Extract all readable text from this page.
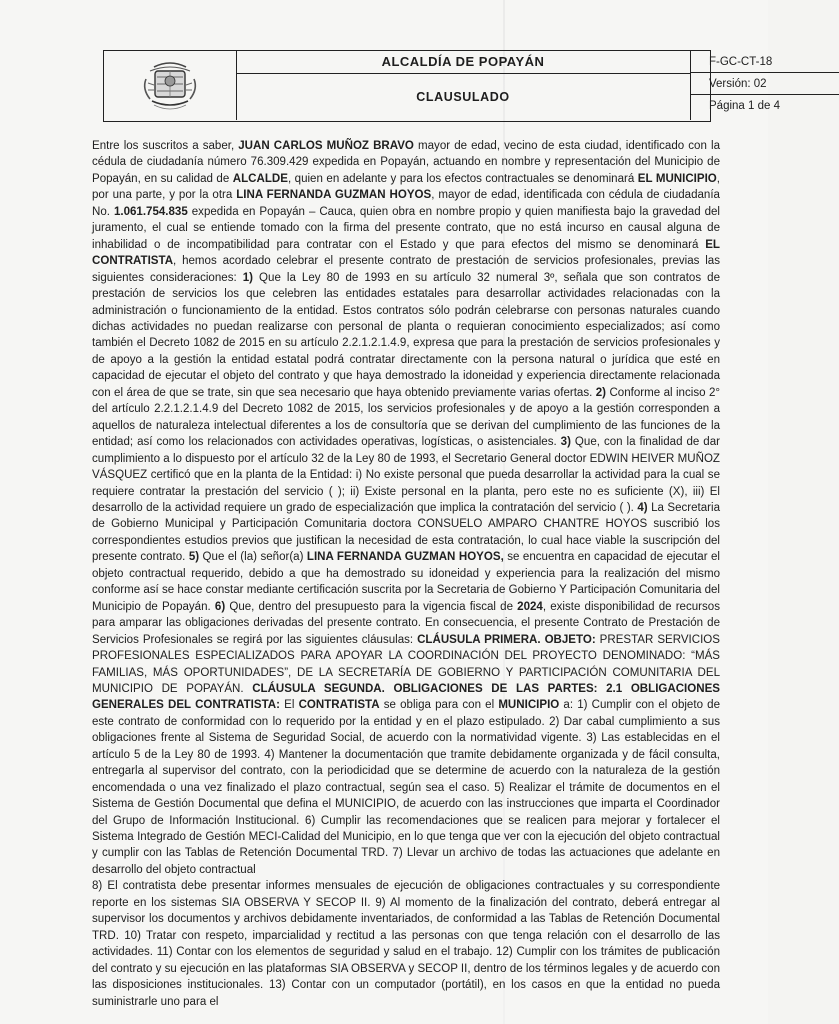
ALCALDÍA DE POPAYÁN
CLAUSULADO
F-GC-CT-18
Versión: 02
Página 1 de 4

Entre los suscritos a saber, JUAN CARLOS MUÑOZ BRAVO mayor de edad, vecino de esta ciudad, identificado con la cédula de ciudadanía número 76.309.429 expedida en Popayán, actuando en nombre y representación del Municipio de Popayán, en su calidad de ALCALDE, quien en adelante y para los efectos contractuales se denominará EL MUNICIPIO, por una parte, y por la otra LINA FERNANDA GUZMAN HOYOS, mayor de edad, identificada con cédula de ciudadanía No. 1.061.754.835 expedida en Popayán – Cauca, quien obra en nombre propio y quien manifiesta bajo la gravedad del juramento, el cual se entiende tomado con la firma del presente contrato, que no está incurso en causal alguna de inhabilidad o de incompatibilidad para contratar con el Estado y que para efectos del mismo se denominará EL CONTRATISTA, hemos acordado celebrar el presente contrato de prestación de servicios profesionales, previas las siguientes consideraciones: 1) Que la Ley 80 de 1993 en su artículo 32 numeral 3º, señala que son contratos de prestación de servicios los que celebren las entidades estatales para desarrollar actividades relacionadas con la administración o funcionamiento de la entidad. Estos contratos sólo podrán celebrarse con personas naturales cuando dichas actividades no puedan realizarse con personal de planta o requieran conocimiento especializados; así como también el Decreto 1082 de 2015 en su artículo 2.2.1.2.1.4.9, expresa que para la prestación de servicios profesionales y de apoyo a la gestión la entidad estatal podrá contratar directamente con la persona natural o jurídica que esté en capacidad de ejecutar el objeto del contrato y que haya demostrado la idoneidad y experiencia directamente relacionada con el área de que se trate, sin que sea necesario que haya obtenido previamente varias ofertas. 2) Conforme al inciso 2° del artículo 2.2.1.2.1.4.9 del Decreto 1082 de 2015, los servicios profesionales y de apoyo a la gestión corresponden a aquellos de naturaleza intelectual diferentes a los de consultoría que se derivan del cumplimiento de las funciones de la entidad; así como los relacionados con actividades operativas, logísticas, o asistenciales. 3) Que, con la finalidad de dar cumplimiento a lo dispuesto por el artículo 32 de la Ley 80 de 1993, el Secretario General doctor EDWIN HEIVER MUÑOZ VÁSQUEZ certificó que en la planta de la Entidad: i) No existe personal que pueda desarrollar la actividad para la cual se requiere contratar la prestación del servicio ( ); ii) Existe personal en la planta, pero este no es suficiente (X), iii) El desarrollo de la actividad requiere un grado de especialización que implica la contratación del servicio ( ). 4) La Secretaria de Gobierno Municipal y Participación Comunitaria doctora CONSUELO AMPARO CHANTRE HOYOS suscribió los correspondientes estudios previos que justifican la necesidad de esta contratación, lo cual hace viable la suscripción del presente contrato. 5) Que el (la) señor(a) LINA FERNANDA GUZMAN HOYOS, se encuentra en capacidad de ejecutar el objeto contractual requerido, debido a que ha demostrado su idoneidad y experiencia para la realización del mismo conforme así se hace constar mediante certificación suscrita por la Secretaria de Gobierno Y Participación Comunitaria del Municipio de Popayán. 6) Que, dentro del presupuesto para la vigencia fiscal de 2024, existe disponibilidad de recursos para amparar las obligaciones derivadas del presente contrato. En consecuencia, el presente Contrato de Prestación de Servicios Profesionales se regirá por las siguientes cláusulas: CLÁUSULA PRIMERA. OBJETO: PRESTAR SERVICIOS PROFESIONALES ESPECIALIZADOS PARA APOYAR LA COORDINACIÓN DEL PROYECTO DENOMINADO: “MÁS FAMILIAS, MÁS OPORTUNIDADES”, DE LA SECRETARÍA DE GOBIERNO Y PARTICIPACIÓN COMUNITARIA DEL MUNICIPIO DE POPAYÁN. CLÁUSULA SEGUNDA. OBLIGACIONES DE LAS PARTES: 2.1 OBLIGACIONES GENERALES DEL CONTRATISTA: El CONTRATISTA se obliga para con el MUNICIPIO a: 1) Cumplir con el objeto de este contrato de conformidad con lo requerido por la entidad y en el plazo estipulado. 2) Dar cabal cumplimiento a sus obligaciones frente al Sistema de Seguridad Social, de acuerdo con la normatividad vigente. 3) Las establecidas en el artículo 5 de la Ley 80 de 1993. 4) Mantener la documentación que tramite debidamente organizada y de fácil consulta, entregarla al supervisor del contrato, con la periodicidad que se determine de acuerdo con la naturaleza de la gestión encomendada o una vez finalizado el plazo contractual, según sea el caso. 5) Realizar el trámite de documentos en el Sistema de Gestión Documental que defina el MUNICIPIO, de acuerdo con las instrucciones que imparta el Coordinador del Grupo de Información Institucional. 6) Cumplir las recomendaciones que se realicen para mejorar y fortalecer el Sistema Integrado de Gestión MECI-Calidad del Municipio, en lo que tenga que ver con la ejecución del objeto contractual y cumplir con las Tablas de Retención Documental TRD. 7) Llevar un archivo de todas las actuaciones que adelante en desarrollo del objeto contractual
8) El contratista debe presentar informes mensuales de ejecución de obligaciones contractuales y su correspondiente reporte en los sistemas SIA OBSERVA Y SECOP II. 9) Al momento de la finalización del contrato, deberá entregar al supervisor los documentos y archivos debidamente inventariados, de conformidad a las Tablas de Retención Documental TRD. 10) Tratar con respeto, imparcialidad y rectitud a las personas con que tenga relación con el desarrollo de las actividades. 11) Contar con los elementos de seguridad y salud en el trabajo. 12) Cumplir con los trámites de publicación del contrato y su ejecución en las plataformas SIA OBSERVA y SECOP II, dentro de los términos legales y de acuerdo con las disposiciones institucionales. 13) Contar con un computador (portátil), en los casos en que la entidad no pueda suministrarle uno para el
